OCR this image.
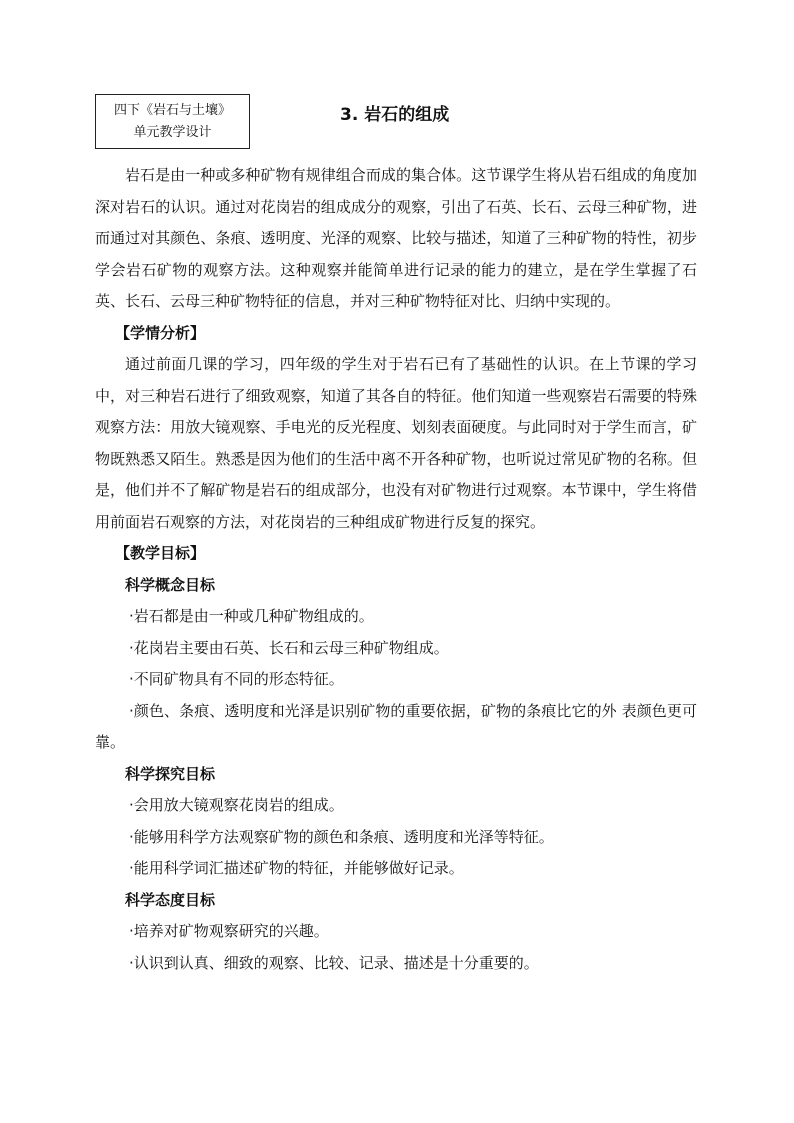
四下《岩石与土壤》
单元教学设计
3. 岩石的组成

岩石是由一种或多种矿物有规律组合而成的集合体。这节课学生将从岩石组成的角度加深对岩石的认识。通过对花岗岩的组成成分的观察，引出了石英、长石、云母三种矿物，进而通过对其颜色、条痕、透明度、光泽的观察、比较与描述，知道了三种矿物的特性，初步学会岩石矿物的观察方法。这种观察并能简单进行记录的能力的建立，是在学生掌握了石英、长石、云母三种矿物特征的信息，并对三种矿物特征对比、归纳中实现的。

【学情分析】

通过前面几课的学习，四年级的学生对于岩石已有了基础性的认识。在上节课的学习中，对三种岩石进行了细致观察，知道了其各自的特征。他们知道一些观察岩石需要的特殊观察方法：用放大镜观察、手电光的反光程度、划刻表面硬度。与此同时对于学生而言，矿物既熟悉又陌生。熟悉是因为他们的生活中离不开各种矿物，也听说过常见矿物的名称。但是，他们并不了解矿物是岩石的组成部分，也没有对矿物进行过观察。本节课中，学生将借用前面岩石观察的方法，对花岗岩的三种组成矿物进行反复的探究。

【教学目标】

科学概念目标

·岩石都是由一种或几种矿物组成的。

·花岗岩主要由石英、长石和云母三种矿物组成。

·不同矿物具有不同的形态特征。

·颜色、条痕、透明度和光泽是识别矿物的重要依据，矿物的条痕比它的外 表颜色更可靠。

科学探究目标

·会用放大镜观察花岗岩的组成。

·能够用科学方法观察矿物的颜色和条痕、透明度和光泽等特征。

·能用科学词汇描述矿物的特征，并能够做好记录。

科学态度目标

·培养对矿物观察研究的兴趣。

·认识到认真、细致的观察、比较、记录、描述是十分重要的。
